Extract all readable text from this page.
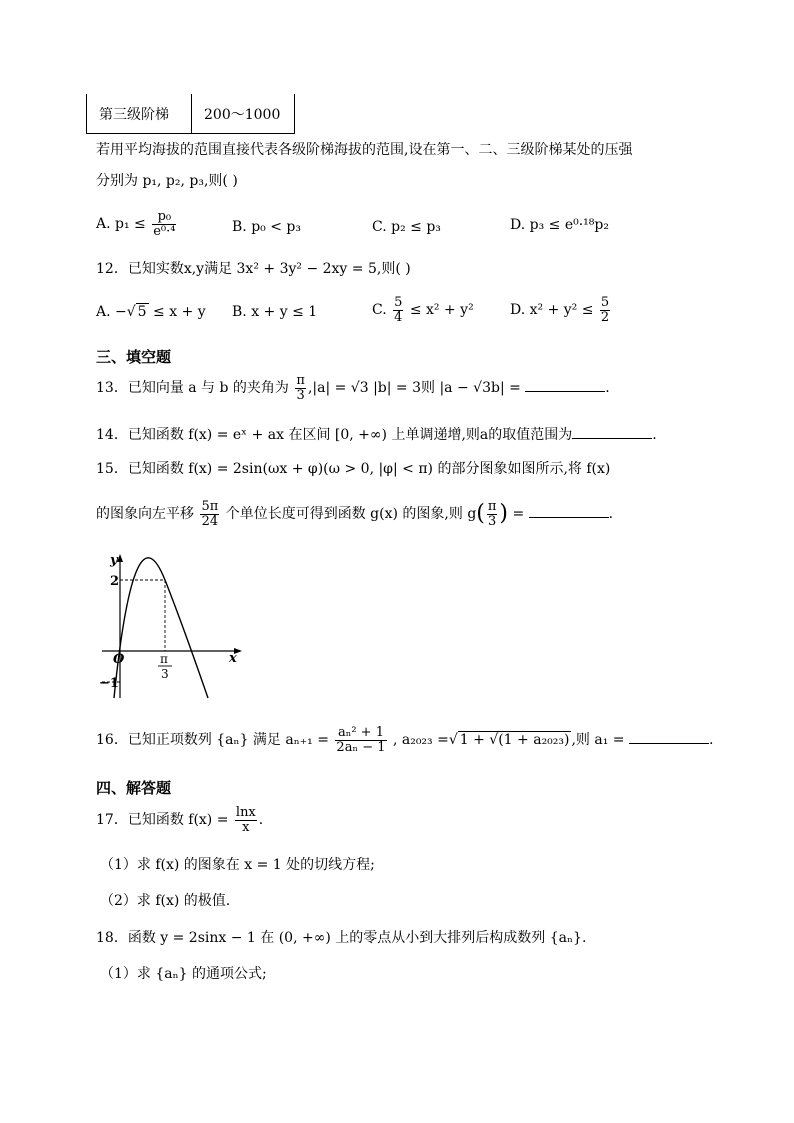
第三级阶梯	200～1000
若用平均海拔的范围直接代表各级阶梯海拔的范围,设在第一、二、三级阶梯某处的压强
分别为 p₁, p₂, p₃,则( )
A. $p_1 \le \frac{\text{p₀}}{\text{e⁰·⁴}}$	B. p₀ < p₃	C. p₂ ≤ p₃	D. p₃ ≤ e⁰·¹⁸p₂
12．已知实数x,y满足 3x² + 3y² − 2xy = 5,则( )
A. −√ 5 ≤ x + y B. x + y ≤ 1	C. $\frac{5}{4} \le x^2 + y^2$	D. $x^2 + y^2 \le \frac{5}{2}$
三、填空题
13．已知向量 a 与 b 的夹角为 $\frac{\pi}{3} ,|a| = √3$ |b| = 3则 |a − √3b| =	.
14．已知函数 f(x) = eˣ + ax 在区间 [0, +∞) 上单调递增,则a的取值范围为	.
15．已知函数 f(x) = 2sin(ωx + φ)(ω > 0, |φ| < π) 的部分图象如图所示,将 f(x)
的图象向左平移 $\frac{5\pi}{24}$ 个单位长度可得到函数 g(x) 的图象,则 $g( \frac{\pi}{3}$ ) =	.
y
x
2
O
−1
π
3
16．已知正项数列 {aₙ} 满足 $a_{n+1} = \frac{\text{aₙ² + 1}}{\text{2aₙ − 1}}$ , a₂₀₂₃ =√ 1 + √(1 + a₂₀₂₃) ,则 a₁ =	.
四、解答题
17．已知函数 $f(x) = \frac{\ln x}{x}$ .
（1）求 f(x) 的图象在 x = 1 处的切线方程;
（2）求 f(x) 的极值.
18．函数 y = 2sinx − 1 在 (0, +∞) 上的零点从小到大排列后构成数列 {aₙ}.
（1）求 {aₙ} 的通项公式;
